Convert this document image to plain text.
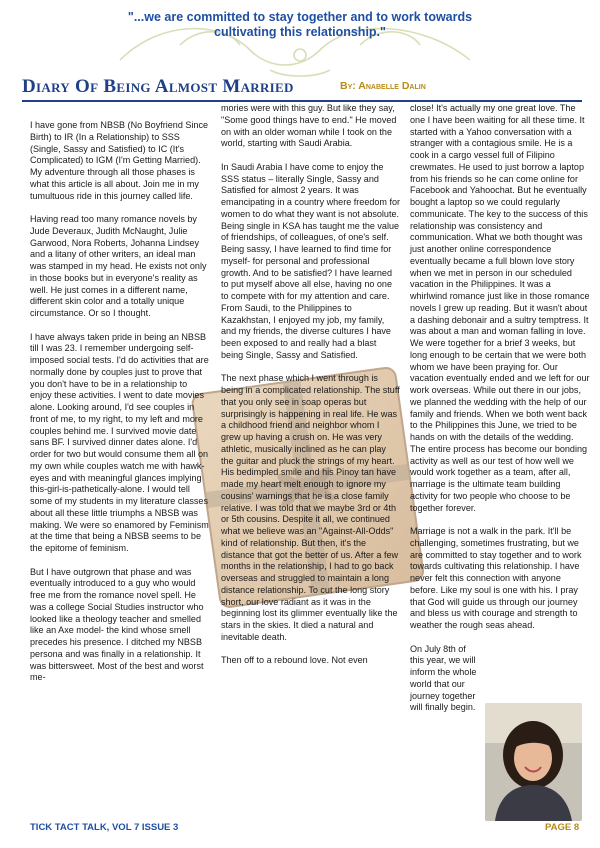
"...we are committed to stay together and to work towards
cultivating this relationship."
Diary Of Being Almost Married	By: Anabelle Dalin

I have gone from NBSB (No Boyfriend Since Birth) to IR (In a Relationship) to SSS (Single, Sassy and Satisfied) to IC (It's Complicated) to IGM (I'm Getting Married). My adventure through all those phases is what this article is all about. Join me in my tumultuous ride in this journey called life.

Having read too many romance novels by Jude Deveraux, Judith McNaught, Julie Garwood, Nora Roberts, Johanna Lindsey and a litany of other writers, an ideal man was stamped in my head. He exists not only in those books but in everyone's reality as well. He just comes in a different name, different skin color and a totally unique circumstance. Or so I thought.

I have always taken pride in being an NBSB till I was 23. I remember undergoing self- imposed social tests. I'd do activities that are normally done by couples just to prove that you don't have to be in a relationship to enjoy these activities. I went to date movies alone. Looking around, I'd see couples in front of me, to my right, to my left and more couples behind me. I survived movie date sans BF. I survived dinner dates alone. I'd order for two but would consume them all on my own while couples watch me with hawk-eyes and with meaningful glances implying this-girl-is-pathetically-alone. I would tell some of my students in my literature classes about all these little triumphs a NBSB was making. We were so enamored by Feminism at the time that being a NBSB seems to be the epitome of feminism.

But I have outgrown that phase and was eventually introduced to a guy who would free me from the romance novel spell. He was a college Social Studies instructor who looked like a theology teacher and smelled like an Axe model- the kind whose smell precedes his presence. I ditched my NBSB persona and was finally in a relationship. It was bittersweet. Most of the best and worst me-

mories were with this guy. But like they say, "Some good things have to end." He moved on with an older woman while I took on the world, starting with Saudi Arabia.

In Saudi Arabia I have come to enjoy the SSS status – literally Single, Sassy and Satisfied for almost 2 years. It was emancipating in a country where freedom for women to do what they want is not absolute. Being single in KSA has taught me the value of friendships, of colleagues, of one's self. Being sassy, I have learned to find time for myself- for personal and professional growth. And to be satisfied? I have learned to put myself above all else, having no one to compete with for my attention and care. From Saudi, to the Philippines to Kazakhstan, I enjoyed my job, my family, and my friends, the diverse cultures I have been exposed to and really had a blast being Single, Sassy and Satisfied.

The next phase which I went through is being in a complicated relationship. The stuff that you only see in soap operas but surprisingly is happening in real life. He was a childhood friend and neighbor whom I grew up having a crush on. He was very athletic, musically inclined as he can play the guitar and pluck the strings of my heart. His bedimpled smile and his Pinoy tan have made my heart melt enough to ignore my cousins' warnings that he is a close family relative. I was told that we maybe 3rd or 4th or 5th cousins. Despite it all, we continued what we believe was an "Against-All-Odds" kind of relationship. But then, it's the distance that got the better of us. After a few months in the relationship, I had to go back overseas and struggled to maintain a long distance relationship. To cut the long story short, our love radiant as it was in the beginning lost its glimmer eventually like the stars in the skies. It died a natural and inevitable death.

Then off to a rebound love. Not even

close! It's actually my one great love. The one I have been waiting for all these time. It started with a Yahoo conversation with a stranger with a contagious smile. He is a cook in a cargo vessel full of Filipino crewmates. He used to just borrow a laptop from his friends so he can come online for Facebook and Yahoochat. But he eventually bought a laptop so we could regularly communicate. The key to the success of this relationship was consistency and communication. What we both thought was just another online correspondence eventually became a full blown love story when we met in person in our scheduled vacation in the Philippines. It was a whirlwind romance just like in those romance novels I grew up reading. But it wasn't about a dashing debonair and a sultry temptress. It was about a man and woman falling in love. We were together for a brief 3 weeks, but long enough to be certain that we were both whom we have been praying for. Our vacation eventually ended and we left for our work overseas. While out there in our jobs, we planned the wedding with the help of our family and friends. When we both went back to the Philippines this June, we tried to be hands on with the details of the wedding. The entire process has become our bonding activity as well as our test of how well we would work together as a team, after all, marriage is the ultimate team building activity for two people who choose to be together forever.

Marriage is not a walk in the park. It'll be challenging, sometimes frustrating, but we are committed to stay together and to work towards cultivating this relationship. I have never felt this connection with anyone before. Like my soul is one with his. I pray that God will guide us through our journey and bless us with courage and strength to weather the rough seas ahead.

On July 8th of this year, we will inform the whole world that our journey together will finally begin.

TICK TACT TALK, VOL 7 ISSUE 3	PAGE 8
